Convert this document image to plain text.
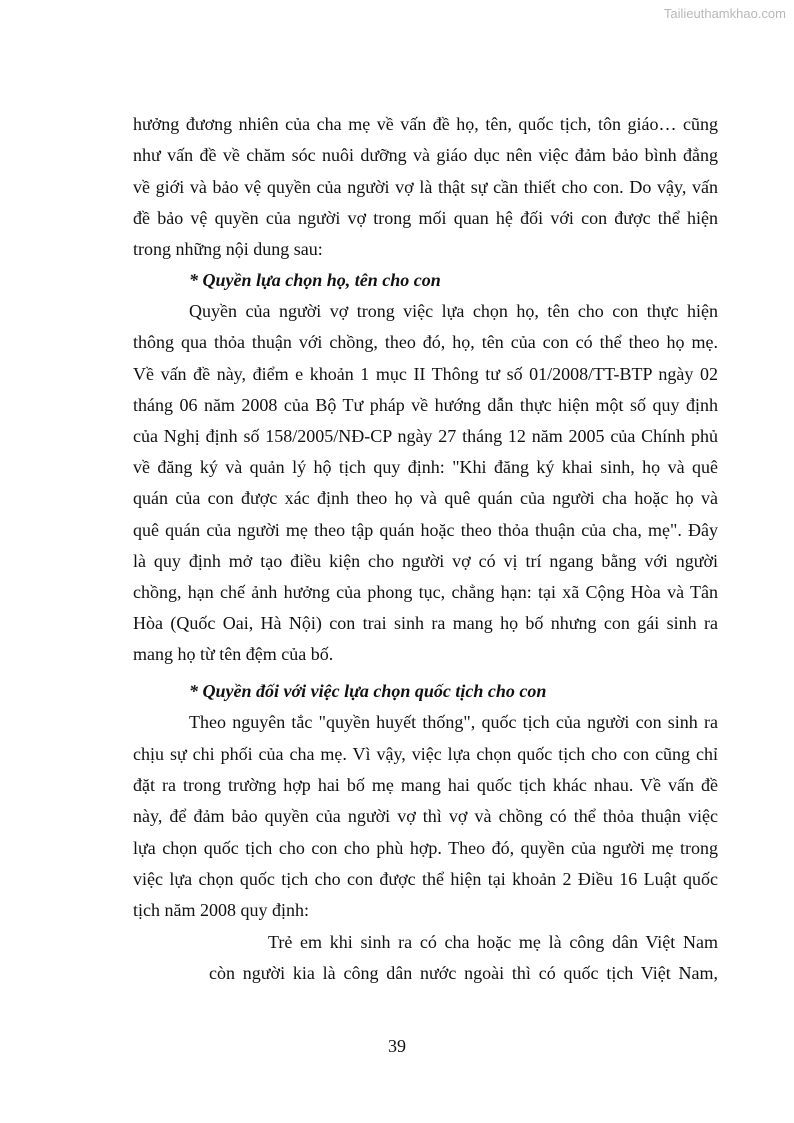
Tailieuthamkhao.com
hưởng đương nhiên của cha mẹ về vấn đề họ, tên, quốc tịch, tôn giáo… cũng
như vấn đề về chăm sóc nuôi dưỡng và giáo dục nên việc đảm bảo bình đẳng
về giới và bảo vệ quyền của người vợ là thật sự cần thiết cho con. Do vậy, vấn
đề bảo vệ quyền của người vợ trong mối quan hệ đối với con được thể hiện
trong những nội dung sau:
* Quyền lựa chọn họ, tên cho con
Quyền của người vợ trong việc lựa chọn họ, tên cho con thực hiện
thông qua thỏa thuận với chồng, theo đó, họ, tên của con có thể theo họ mẹ.
Về vấn đề này, điểm e khoản 1 mục II Thông tư số 01/2008/TT-BTP ngày 02
tháng 06 năm 2008 của Bộ Tư pháp về hướng dẫn thực hiện một số quy định
của Nghị định số 158/2005/NĐ-CP ngày 27 tháng 12 năm 2005 của Chính phủ
về đăng ký và quản lý hộ tịch quy định: "Khi đăng ký khai sinh, họ và quê
quán của con được xác định theo họ và quê quán của người cha hoặc họ và
quê quán của người mẹ theo tập quán hoặc theo thỏa thuận của cha, mẹ". Đây
là quy định mở tạo điều kiện cho người vợ có vị trí ngang bằng với người
chồng, hạn chế ảnh hưởng của phong tục, chẳng hạn: tại xã Cộng Hòa và Tân
Hòa (Quốc Oai, Hà Nội) con trai sinh ra mang họ bố nhưng con gái sinh ra
mang họ từ tên đệm của bố.
* Quyền đối với việc lựa chọn quốc tịch cho con
Theo nguyên tắc "quyền huyết thống", quốc tịch của người con sinh ra
chịu sự chi phối của cha mẹ. Vì vậy, việc lựa chọn quốc tịch cho con cũng chỉ
đặt ra trong trường hợp hai bố mẹ mang hai quốc tịch khác nhau. Về vấn đề
này, để đảm bảo quyền của người vợ thì vợ và chồng có thể thỏa thuận việc
lựa chọn quốc tịch cho con cho phù hợp. Theo đó, quyền của người mẹ trong
việc lựa chọn quốc tịch cho con được thể hiện tại khoản 2 Điều 16 Luật quốc
tịch năm 2008 quy định:
Trẻ em khi sinh ra có cha hoặc mẹ là công dân Việt Nam
còn người kia là công dân nước ngoài thì có quốc tịch Việt Nam,
39
